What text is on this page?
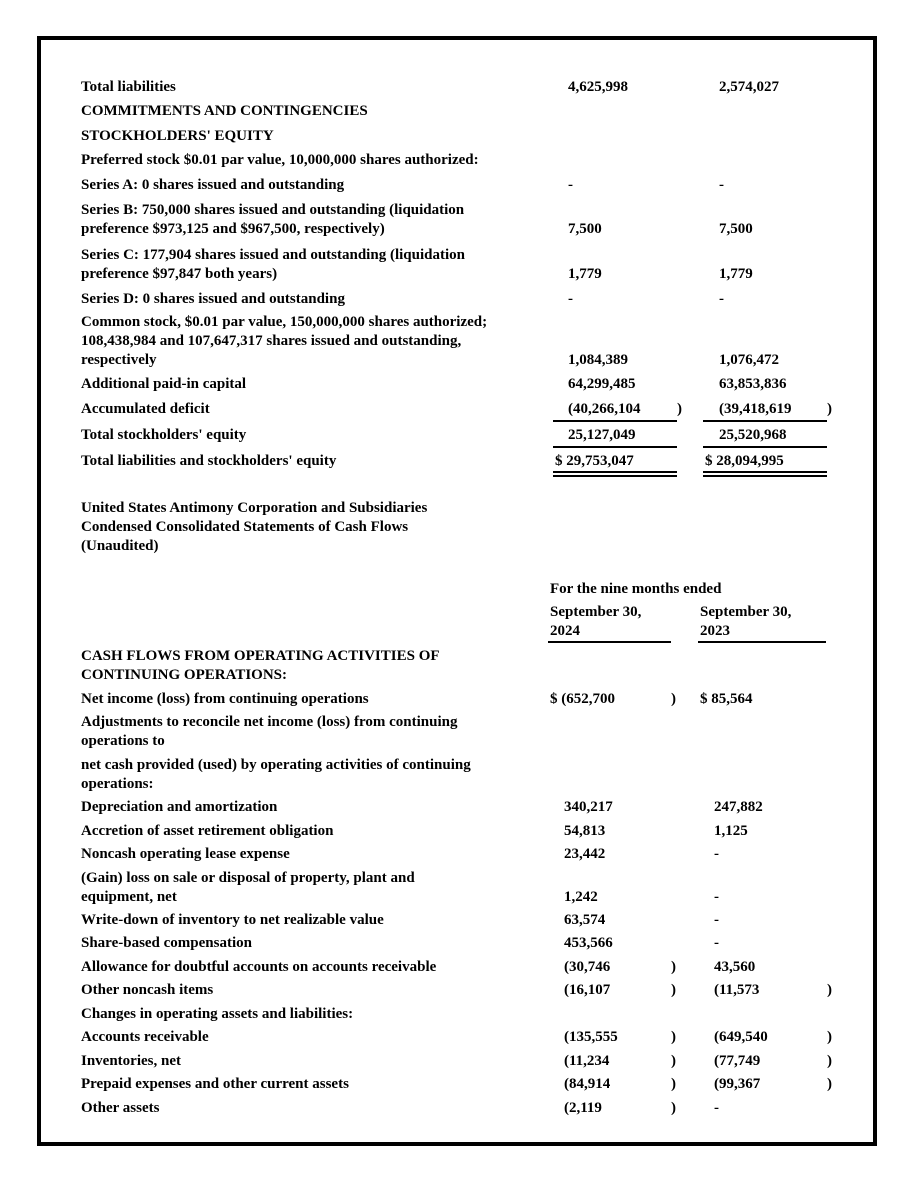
Total liabilities	4,625,998	2,574,027
COMMITMENTS AND CONTINGENCIES
STOCKHOLDERS' EQUITY
Preferred stock $0.01 par value, 10,000,000 shares authorized:
Series A: 0 shares issued and outstanding	-	-
Series B: 750,000 shares issued and outstanding (liquidation
preference $973,125 and $967,500, respectively)	7,500	7,500
Series C: 177,904 shares issued and outstanding (liquidation
preference $97,847 both years)	1,779	1,779
Series D: 0 shares issued and outstanding	-	-
Common stock, $0.01 par value, 150,000,000 shares authorized;
108,438,984 and 107,647,317 shares issued and outstanding,
respectively	1,084,389	1,076,472
Additional paid-in capital	64,299,485	63,853,836
Accumulated deficit	(40,266,104 ) (39,418,619 )
Total stockholders' equity	25,127,049	25,520,968
Total liabilities and stockholders' equity	$ 29,753,047	$ 28,094,995
United States Antimony Corporation and Subsidiaries
Condensed Consolidated Statements of Cash Flows
(Unaudited)
For the nine months ended
September 30,
2024
September 30,
2023
CASH FLOWS FROM OPERATING ACTIVITIES OF
CONTINUING OPERATIONS:
Net income (loss) from continuing operations	$ (652,700	) $ 85,564
Adjustments to reconcile net income (loss) from continuing
operations to
net cash provided (used) by operating activities of continuing
operations:
Depreciation and amortization	340,217	247,882
Accretion of asset retirement obligation	54,813	1,125
Noncash operating lease expense	23,442	-
(Gain) loss on sale or disposal of property, plant and
equipment, net	1,242	-
Write-down of inventory to net realizable value	63,574	-
Share-based compensation	453,566	-
Allowance for doubtful accounts on accounts receivable	(30,746	)	43,560
Other noncash items	(16,107	)	(11,573	)
Changes in operating assets and liabilities:
Accounts receivable	(135,555	)	(649,540	)
Inventories, net	(11,234	)	(77,749	)
Prepaid expenses and other current assets	(84,914	)	(99,367	)
Other assets	(2,119	)	-
